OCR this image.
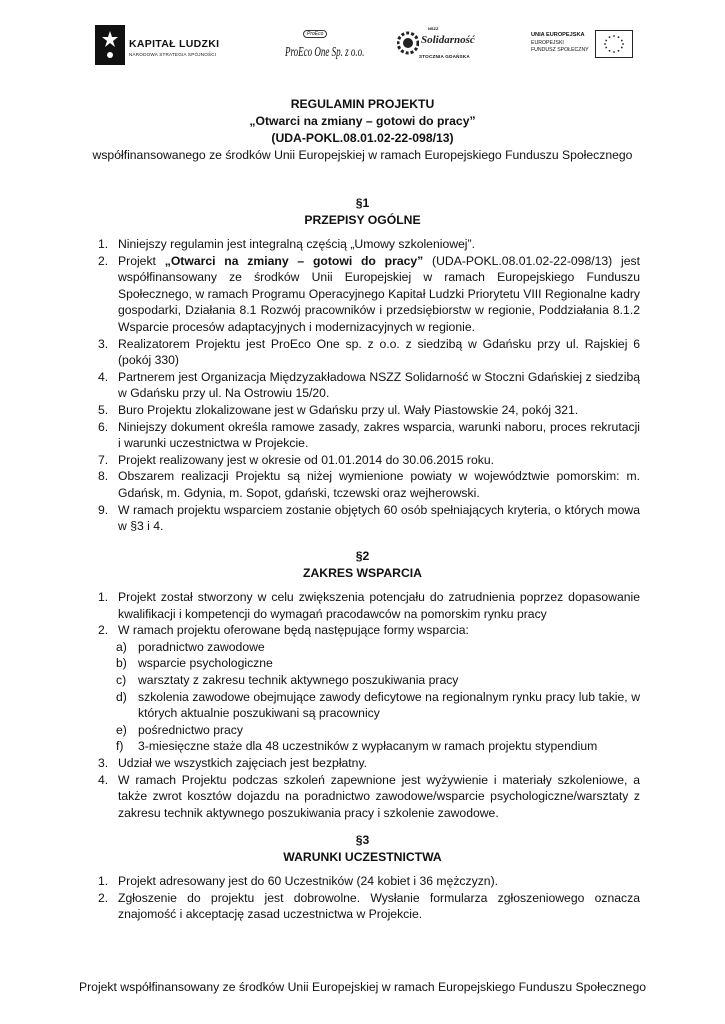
KAPITAŁ LUDZKI
NARODOWA STRATEGIA SPÓJNOŚCI
ProEco
ProEco One Sp. z o.o.
NSZZ
Solidarność
STOCZNIA GDAŃSKA
UNIA EUROPEJSKA
EUROPEJSKI
FUNDUSZ SPOŁECZNY
REGULAMIN PROJEKTU
„Otwarci na zmiany – gotowi do pracy”
(UDA-POKL.08.01.02-22-098/13)
współfinansowanego ze środków Unii Europejskiej w ramach Europejskiego Funduszu Społecznego
§1
PRZEPISY OGÓLNE
1. Niniejszy regulamin jest integralną częścią „Umowy szkoleniowej”.
2. Projekt „Otwarci na zmiany – gotowi do pracy” (UDA-POKL.08.01.02-22-098/13) jest współfinansowany ze środków Unii Europejskiej w ramach Europejskiego Funduszu Społecznego, w ramach Programu Operacyjnego Kapitał Ludzki Priorytetu VIII Regionalne kadry gospodarki, Działania 8.1 Rozwój pracowników i przedsiębiorstw w regionie, Poddziałania 8.1.2 Wsparcie procesów adaptacyjnych i modernizacyjnych w regionie.
3. Realizatorem Projektu jest ProEco One sp. z o.o. z siedzibą w Gdańsku przy ul. Rajskiej 6 (pokój 330)
4. Partnerem jest Organizacja Międzyzakładowa NSZZ Solidarność w Stoczni Gdańskiej z siedzibą w Gdańsku przy ul. Na Ostrowiu 15/20.
5. Buro Projektu zlokalizowane jest w Gdańsku przy ul. Wały Piastowskie 24, pokój 321.
6. Niniejszy dokument określa ramowe zasady, zakres wsparcia, warunki naboru, proces rekrutacji i warunki uczestnictwa w Projekcie.
7. Projekt realizowany jest w okresie od 01.01.2014 do 30.06.2015 roku.
8. Obszarem realizacji Projektu są niżej wymienione powiaty w województwie pomorskim: m. Gdańsk, m. Gdynia, m. Sopot, gdański, tczewski oraz wejherowski.
9. W ramach projektu wsparciem zostanie objętych 60 osób spełniających kryteria, o których mowa w §3 i 4.
§2
ZAKRES WSPARCIA
1. Projekt został stworzony w celu zwiększenia potencjału do zatrudnienia poprzez dopasowanie kwalifikacji i kompetencji do wymagań pracodawców na pomorskim rynku pracy
2. W ramach projektu oferowane będą następujące formy wsparcia:
a) poradnictwo zawodowe
b) wsparcie psychologiczne
c) warsztaty z zakresu technik aktywnego poszukiwania pracy
d) szkolenia zawodowe obejmujące zawody deficytowe na regionalnym rynku pracy lub takie, w których aktualnie poszukiwani są pracownicy
e) pośrednictwo pracy
f) 3-miesięczne staże dla 48 uczestników z wypłacanym w ramach projektu stypendium
3. Udział we wszystkich zajęciach jest bezpłatny.
4. W ramach Projektu podczas szkoleń zapewnione jest wyżywienie i materiały szkoleniowe, a także zwrot kosztów dojazdu na poradnictwo zawodowe/wsparcie psychologiczne/warsztaty z zakresu technik aktywnego poszukiwania pracy i szkolenie zawodowe.
§3
WARUNKI UCZESTNICTWA
1. Projekt adresowany jest do 60 Uczestników (24 kobiet i 36 mężczyzn).
2. Zgłoszenie do projektu jest dobrowolne. Wysłanie formularza zgłoszeniowego oznacza znajomość i akceptację zasad uczestnictwa w Projekcie.
Projekt współfinansowany ze środków Unii Europejskiej w ramach Europejskiego Funduszu Społecznego
